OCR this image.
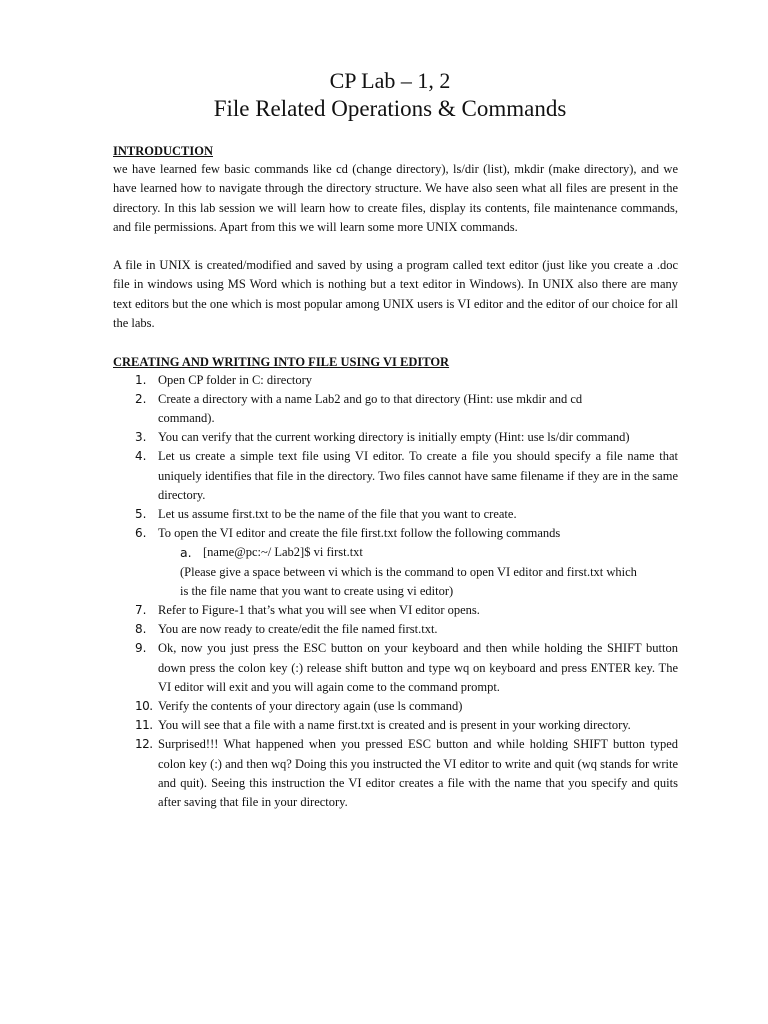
CP Lab – 1, 2
File Related Operations & Commands

INTRODUCTION

we have learned few basic commands like cd (change directory), ls/dir (list), mkdir (make directory), and we have learned how to navigate through the directory structure. We have also seen what all files are present in the directory. In this lab session we will learn how to create files, display its contents, file maintenance commands, and file permissions. Apart from this we will learn some more UNIX commands.

A file in UNIX is created/modified and saved by using a program called text editor (just like you create a .doc file in windows using MS Word which is nothing but a text editor in Windows). In UNIX also there are many text editors but the one which is most popular among UNIX users is VI editor and the editor of our choice for all the labs.

CREATING AND WRITING INTO FILE USING VI EDITOR

1. Open CP folder in C: directory
2. Create a directory with a name Lab2 and go to that directory (Hint: use mkdir and cd command).
3. You can verify that the current working directory is initially empty (Hint: use ls/dir command)
4. Let us create a simple text file using VI editor. To create a file you should specify a file name that uniquely identifies that file in the directory. Two files cannot have same filename if they are in the same directory.
5. Let us assume first.txt to be the name of the file that you want to create.
6. To open the VI editor and create the file first.txt follow the following commands
a. [name@pc:~/ Lab2]$ vi first.txt
(Please give a space between vi which is the command to open VI editor and first.txt which is the file name that you want to create using vi editor)
7. Refer to Figure-1 that’s what you will see when VI editor opens.
8. You are now ready to create/edit the file named first.txt.
9. Ok, now you just press the ESC button on your keyboard and then while holding the SHIFT button down press the colon key (:) release shift button and type wq on keyboard and press ENTER key. The VI editor will exit and you will again come to the command prompt.
10. Verify the contents of your directory again (use ls command)
11. You will see that a file with a name first.txt is created and is present in your working directory.
12. Surprised!!! What happened when you pressed ESC button and while holding SHIFT button typed colon key (:) and then wq? Doing this you instructed the VI editor to write and quit (wq stands for write and quit). Seeing this instruction the VI editor creates a file with the name that you specify and quits after saving that file in your directory.
